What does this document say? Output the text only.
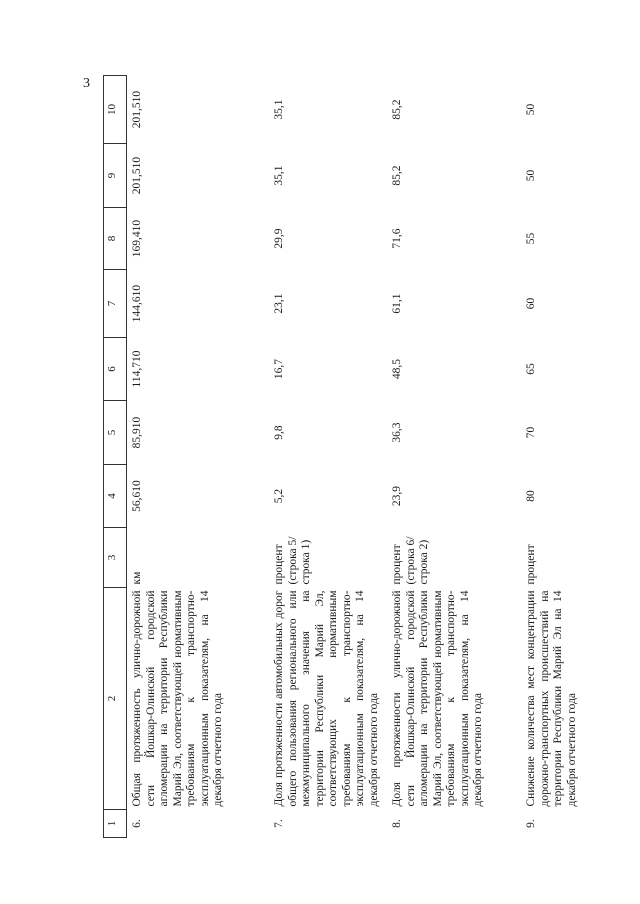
3
1	2	3	4	5	6	7	8	9	10
6.	Общая протяженность улично-дорожной сети Йошкар-Олинской городской агломерации на территории Республики Марий Эл, соответствующей нормативным требованиям к транспортно-эксплуатационным показателям, на 14 декабря отчетного года	км	56,610	85,910	114,710	144,610	169,410	201,510	201,510
7.	Доля протяженности автомобильных дорог общего пользования регионального или межмуниципального значения на территории Республики Марий Эл, соответствующих нормативным требованиям к транспортно-эксплуатационным показателям, на 14 декабря отчетного года	процент (строка 5/ строка 1)	5,2	9,8	16,7	23,1	29,9	35,1	35,1
8.	Доля протяженности улично-дорожной сети Йошкар-Олинской городской агломерации на территории Республики Марий Эл, соответствующей нормативным требованиям к транспортно-эксплуатационным показателям, на 14 декабря отчетного года	процент (строка 6/ строка 2)	23,9	36,3	48,5	61,1	71,6	85,2	85,2
9.	Снижение количества мест концентрации дорожно-транспортных происшествий на территории Республики Марий Эл на 14 декабря отчетного года	процент	80	70	65	60	55	50	50
